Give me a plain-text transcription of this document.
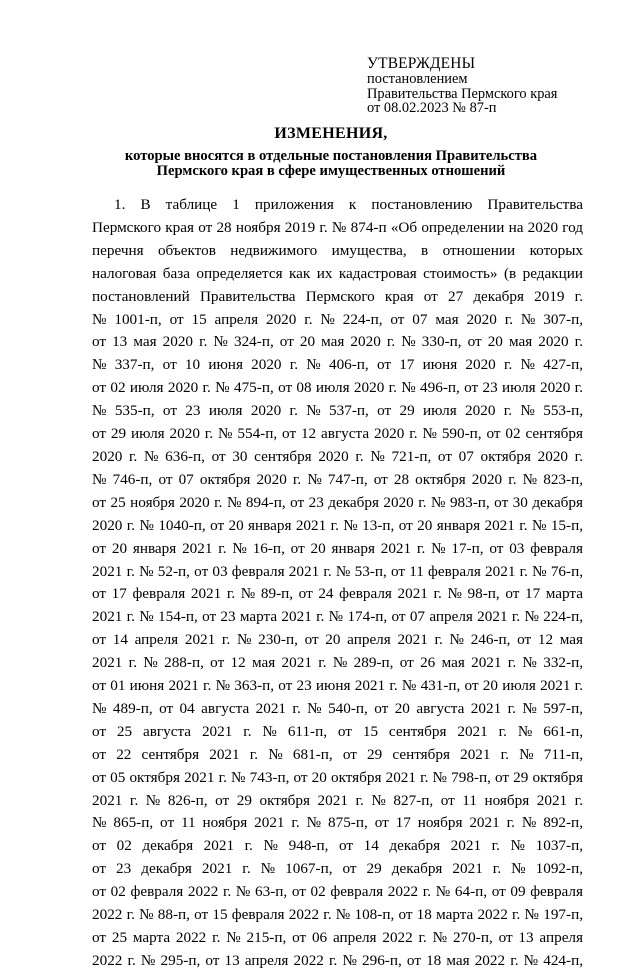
УТВЕРЖДЕНЫ
постановлением
Правительства Пермского края
от 08.02.2023 № 87-п
ИЗМЕНЕНИЯ,
которые вносятся в отдельные постановления Правительства
Пермского края в сфере имущественных отношений
1. В таблице 1 приложения к постановлению Правительства
Пермского края от 28 ноября 2019 г. № 874-п «Об определении на 2020 год
перечня объектов недвижимого имущества, в отношении которых
налоговая база определяется как их кадастровая стоимость» (в редакции
постановлений Правительства Пермского края от 27 декабря 2019 г.
№ 1001-п, от 15 апреля 2020 г. № 224-п, от 07 мая 2020 г. № 307-п,
от 13 мая 2020 г. № 324-п, от 20 мая 2020 г. № 330-п, от 20 мая 2020 г.
№ 337-п, от 10 июня 2020 г. № 406-п, от 17 июня 2020 г. № 427-п,
от 02 июля 2020 г. № 475-п, от 08 июля 2020 г. № 496-п, от 23 июля 2020 г.
№ 535-п, от 23 июля 2020 г. № 537-п, от 29 июля 2020 г. № 553-п,
от 29 июля 2020 г. № 554-п, от 12 августа 2020 г. № 590-п, от 02 сентября
2020 г. № 636-п, от 30 сентября 2020 г. № 721-п, от 07 октября 2020 г.
№ 746-п, от 07 октября 2020 г. № 747-п, от 28 октября 2020 г. № 823-п,
от 25 ноября 2020 г. № 894-п, от 23 декабря 2020 г. № 983-п, от 30 декабря
2020 г. № 1040-п, от 20 января 2021 г. № 13-п, от 20 января 2021 г. № 15-п,
от 20 января 2021 г. № 16-п, от 20 января 2021 г. № 17-п, от 03 февраля
2021 г. № 52-п, от 03 февраля 2021 г. № 53-п, от 11 февраля 2021 г. № 76-п,
от 17 февраля 2021 г. № 89-п, от 24 февраля 2021 г. № 98-п, от 17 марта
2021 г. № 154-п, от 23 марта 2021 г. № 174-п, от 07 апреля 2021 г. № 224-п,
от 14 апреля 2021 г. № 230-п, от 20 апреля 2021 г. № 246-п, от 12 мая
2021 г. № 288-п, от 12 мая 2021 г. № 289-п, от 26 мая 2021 г. № 332-п,
от 01 июня 2021 г. № 363-п, от 23 июня 2021 г. № 431-п, от 20 июля 2021 г.
№ 489-п, от 04 августа 2021 г. № 540-п, от 20 августа 2021 г. № 597-п,
от 25 августа 2021 г. № 611-п, от 15 сентября 2021 г. № 661-п,
от 22 сентября 2021 г. № 681-п, от 29 сентября 2021 г. № 711-п,
от 05 октября 2021 г. № 743-п, от 20 октября 2021 г. № 798-п, от 29 октября
2021 г. № 826-п, от 29 октября 2021 г. № 827-п, от 11 ноября 2021 г.
№ 865-п, от 11 ноября 2021 г. № 875-п, от 17 ноября 2021 г. № 892-п,
от 02 декабря 2021 г. № 948-п, от 14 декабря 2021 г. № 1037-п,
от 23 декабря 2021 г. № 1067-п, от 29 декабря 2021 г. № 1092-п,
от 02 февраля 2022 г. № 63-п, от 02 февраля 2022 г. № 64-п, от 09 февраля
2022 г. № 88-п, от 15 февраля 2022 г. № 108-п, от 18 марта 2022 г. № 197-п,
от 25 марта 2022 г. № 215-п, от 06 апреля 2022 г. № 270-п, от 13 апреля
2022 г. № 295-п, от 13 апреля 2022 г. № 296-п, от 18 мая 2022 г. № 424-п,
